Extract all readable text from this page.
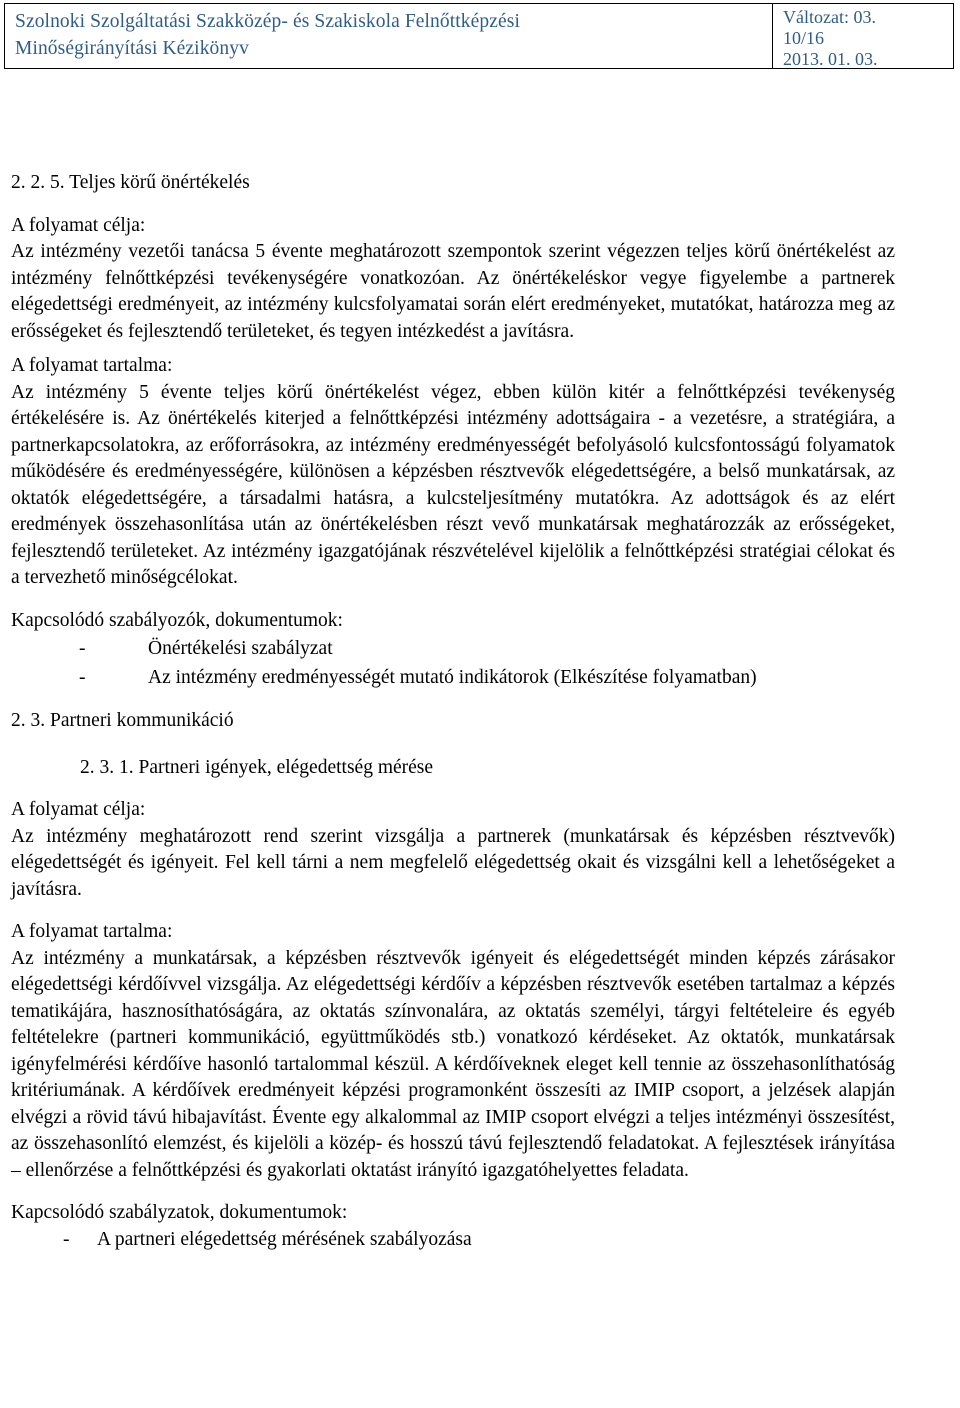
Szolnoki Szolgáltatási Szakközép- és Szakiskola Felnőttképzési
Minőségirányítási Kézikönyv
Változat: 03.
10/16
2013. 01. 03.
2. 2. 5. Teljes körű önértékelés
A folyamat célja:

Az intézmény vezetői tanácsa 5 évente meghatározott szempontok szerint végezzen teljes körű önértékelést az intézmény felnőttképzési tevékenységére vonatkozóan. Az önértékeléskor vegye figyelembe a partnerek elégedettségi eredményeit, az intézmény kulcsfolyamatai során elért eredményeket, mutatókat, határozza meg az erősségeket és fejlesztendő területeket, és tegyen intézkedést a javításra.

A folyamat tartalma:

Az intézmény 5 évente teljes körű önértékelést végez, ebben külön kitér a felnőttképzési tevékenység értékelésére is. Az önértékelés kiterjed a felnőttképzési intézmény adottságaira - a vezetésre, a stratégiára, a partnerkapcsolatokra, az erőforrásokra, az intézmény eredményességét befolyásoló kulcsfontosságú folyamatok működésére és eredményességére, különösen a képzésben résztvevők elégedettségére, a belső munkatársak, az oktatók elégedettségére, a társadalmi hatásra, a kulcsteljesítmény mutatókra. Az adottságok és az elért eredmények összehasonlítása után az önértékelésben részt vevő munkatársak meghatározzák az erősségeket, fejlesztendő területeket. Az intézmény igazgatójának részvételével kijelölik a felnőttképzési stratégiai célokat és a tervezhető minőségcélokat.

Kapcsolódó szabályozók, dokumentumok:
- Önértékelési szabályzat
- Az intézmény eredményességét mutató indikátorok (Elkészítése folyamatban)
2. 3. Partneri kommunikáció
2. 3. 1. Partneri igények, elégedettség mérése
A folyamat célja:

Az intézmény meghatározott rend szerint vizsgálja a partnerek (munkatársak és képzésben résztvevők) elégedettségét és igényeit. Fel kell tárni a nem megfelelő elégedettség okait és vizsgálni kell a lehetőségeket a javításra.

A folyamat tartalma:

Az intézmény a munkatársak, a képzésben résztvevők igényeit és elégedettségét minden képzés zárásakor elégedettségi kérdőívvel vizsgálja. Az elégedettségi kérdőív a képzésben résztvevők esetében tartalmaz a képzés tematikájára, hasznosíthatóságára, az oktatás színvonalára, az oktatás személyi, tárgyi feltételeire és egyéb feltételekre (partneri kommunikáció, együttműködés stb.) vonatkozó kérdéseket. Az oktatók, munkatársak igényfelmérési kérdőíve hasonló tartalommal készül. A kérdőíveknek eleget kell tennie az összehasonlíthatóság kritériumának. A kérdőívek eredményeit képzési programonként összesíti az IMIP csoport, a jelzések alapján elvégzi a rövid távú hibajavítást. Évente egy alkalommal az IMIP csoport elvégzi a teljes intézményi összesítést, az összehasonlító elemzést, és kijelöli a közép- és hosszú távú fejlesztendő feladatokat. A fejlesztések irányítása – ellenőrzése a felnőttképzési és gyakorlati oktatást irányító igazgatóhelyettes feladata.

Kapcsolódó szabályzatok, dokumentumok:
- A partneri elégedettség mérésének szabályozása
